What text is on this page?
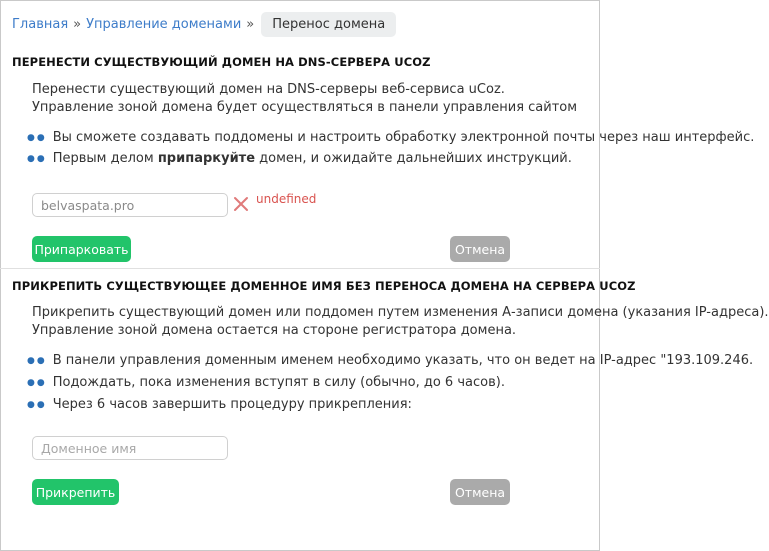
Главная » Управление доменами »	Перенос домена
ПЕРЕНЕСТИ СУЩЕСТВУЮЩИЙ ДОМЕН НА DNS-СЕРВЕРА UCOZ
Перенести существующий домен на DNS-серверы веб-сервиса uCoz.
Управление зоной домена будет осуществляться в панели управления сайтом
●● Вы сможете создавать поддомены и настроить обработку электронной почты через наш интерфейс.
●● Первым делом припаркуйте домен, и ожидайте дальнейших инструкций.
belvaspata.pro
undefined
Припарковать	Отмена
ПРИКРЕПИТЬ СУЩЕСТВУЮЩЕЕ ДОМЕННОЕ ИМЯ БЕЗ ПЕРЕНОСА ДОМЕНА НА СЕРВЕРА UCOZ
Прикрепить существующий домен или поддомен путем изменения А-записи домена (указания IP-адреса).
Управление зоной домена остается на стороне регистратора домена.
●● В панели управления доменным именем необходимо указать, что он ведет на IP-адрес "193.109.246.
●● Подождать, пока изменения вступят в силу (обычно, до 6 часов).
●● Через 6 часов завершить процедуру прикрепления:
Доменное имя
Прикрепить	Отмена
